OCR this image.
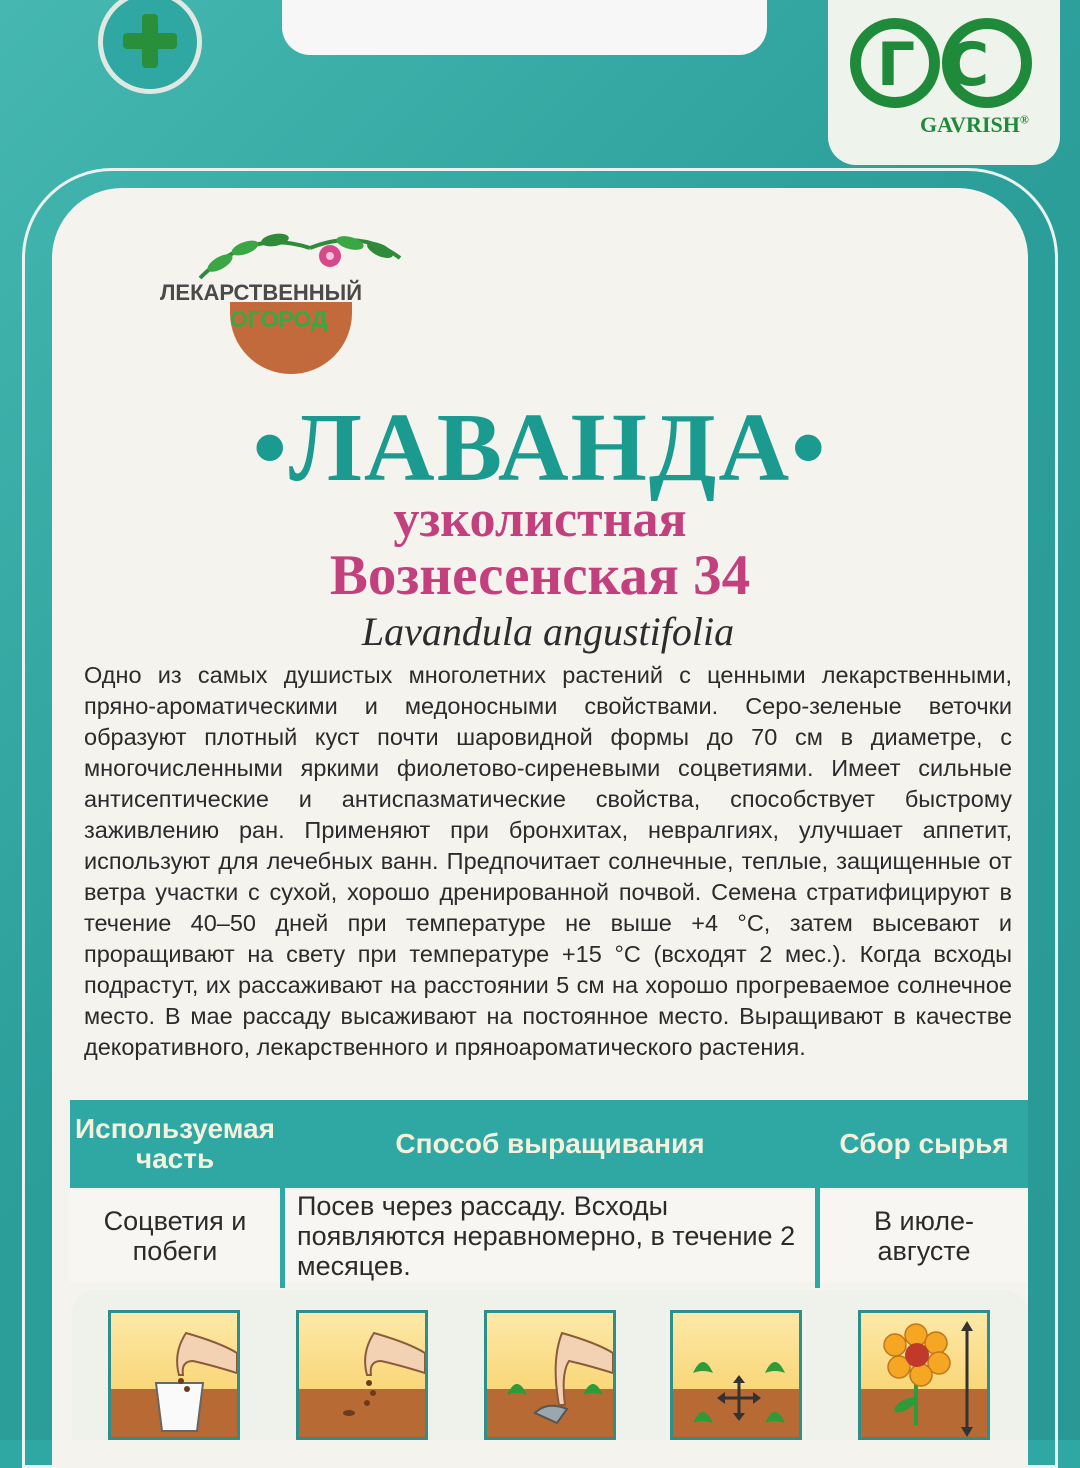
ГС
GAVRISH®
ЛЕКАРСТВЕННЫЙ
ОГОРОД
•ЛАВАНДА•
узколистная
Вознесенская 34
Lavandula angustifolia
Одно из самых душистых многолетних растений с ценными лекарственными, пряно-ароматическими и медоносными свойствами. Серо-зеленые веточки образуют плотный куст почти шаровидной формы до 70 см в диаметре, с многочисленными яркими фиолетово-сиреневыми соцветиями. Имеет сильные антисептические и антиспазматические свойства, способствует быстрому заживлению ран. Применяют при бронхитах, невралгиях, улучшает аппетит, используют для лечебных ванн. Предпочитает солнечные, теплые, защищенные от ветра участки с сухой, хорошо дренированной почвой. Семена стратифицируют в течение 40–50 дней при температуре не выше +4 °С, затем высевают и проращивают на свету при температуре +15 °С (всходят 2 мес.). Когда всходы подрастут, их рассаживают на расстоянии 5 см на хорошо прогреваемое солнечное место. В мае рассаду высаживают на постоянное место. Выращивают в качестве декоративного, лекарственного и пряноароматического растения.
Используемая часть	Способ выращивания	Сбор сырья
Соцветия и побеги
Посев через рассаду. Всходы появляются неравномерно, в течение 2 месяцев.
В июле-августе
